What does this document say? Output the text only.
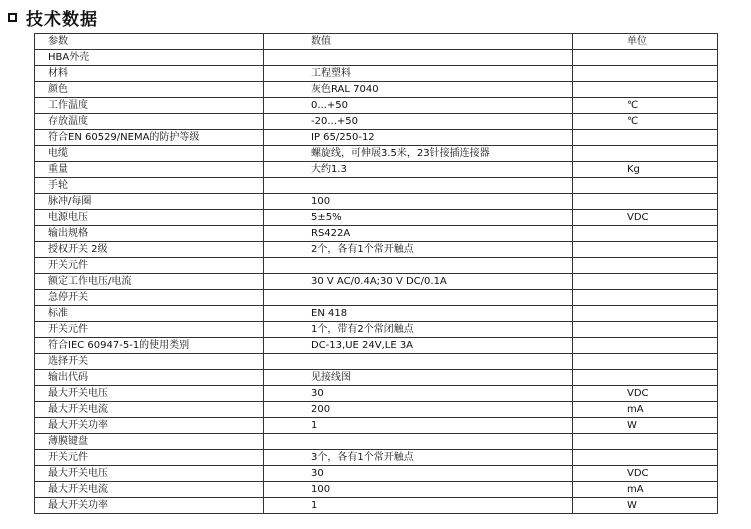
技术数据
参数	数值	单位
HBA外壳		
材料	工程塑料	
颜色	灰色RAL 7040	
工作温度	0...+50	℃
存放温度	-20...+50	℃
符合EN 60529/NEMA的防护等级	IP 65/250-12	
电缆	螺旋线，可伸展3.5米，23针接插连接器	
重量	大约1.3	Kg
手轮		
脉冲/每圈	100	
电源电压	5±5%	VDC
输出规格	RS422A	
授权开关 2级	2个，各有1个常开触点	
开关元件		
额定工作电压/电流	30 V AC/0.4A;30 V DC/0.1A	
急停开关		
标准	EN 418	
开关元件	1个，带有2个常闭触点	
符合IEC 60947-5-1的使用类别	DC-13,UE 24V,LE 3A	
选择开关		
输出代码	见接线图	
最大开关电压	30	VDC
最大开关电流	200	mA
最大开关功率	1	W
薄膜键盘		
开关元件	3个，各有1个常开触点	
最大开关电压	30	VDC
最大开关电流	100	mA
最大开关功率	1	W
